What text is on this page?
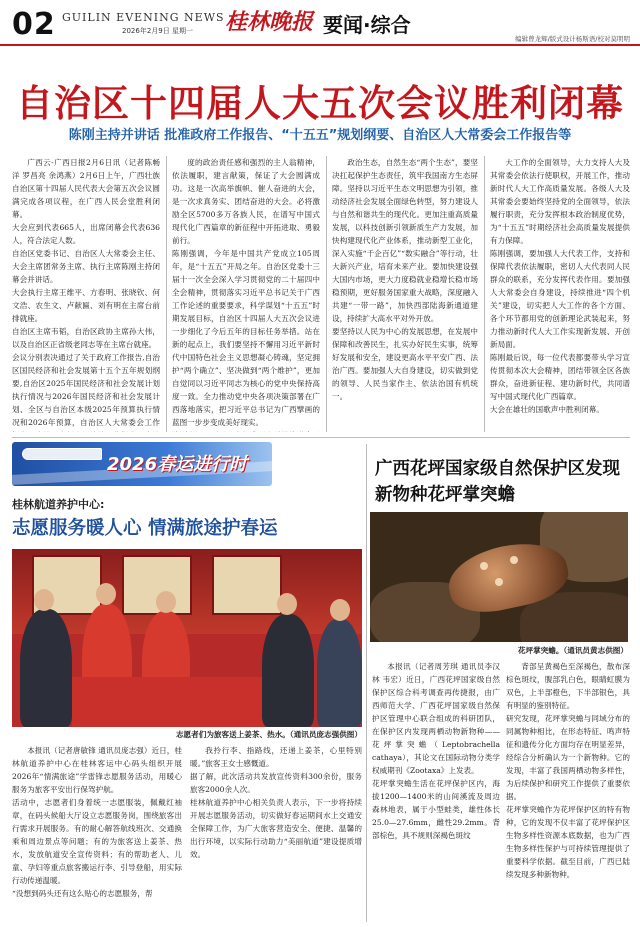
02 GUILIN EVENING NEWS
2026年2月9日 星期一 桂林晚报 要闻·综合
编辑曾龙辉/版式设计杨斯语/校对莫明明
自治区十四届人大五次会议胜利闭幕
陈刚主持并讲话 批准政府工作报告、“十五五”规划纲要、自治区人大常委会工作报告等

广西云-广西日报2月6日讯（记者陈畅洋 罗昌亮 余鸿燕）2月6日上午，广西壮族自治区第十四届人民代表大会第五次会议圆满完成各项议程，在广西人民会堂胜利闭幕。
大会应到代表665人，出席闭幕会代表636人，符合法定人数。
自治区党委书记、自治区人大常委会主任、大会主席团常务主席、执行主席陈刚主持闭幕会并讲话。
大会执行主席王维平、方春明、张晓钦、何文浩、农生文、卢献匾、刘有明在主席台前排就座。
自治区主席韦韬，自治区政协主席孙大伟，以及自治区正省级老同志等在主席台就座。
会议分别表决通过了关于政府工作报告,自治区国民经济和社会发展第十五个五年规划纲要,自治区2025年国民经济和社会发展计划执行情况与2026年国民经济和社会发展计划、全区与自治区本级2025年预算执行情况和2026年预算，自治区人大常委会工作

度的政治责任感和强烈的主人翁精神，依法履职，建言献策，保证了大会圆满成功。这是一次高举旗帜、催人奋进的大会，是一次求真务实、团结奋进的大会。必将激励全区5700多万各族人民，在谱写中国式现代化广西篇章的新征程中开拓进取、勇毅前行。
陈刚强调，今年是中国共产党成立105周年，是“十五五”开局之年。自治区党委十三届十一次全会深入学习贯彻党的二十届四中全会精神，贯彻落实习近平总书记关于广西工作论述的重要要求，科学谋划“十五五”时期发展目标，自治区十四届人大五次会议进一步细化了今后五年的目标任务举措。站在新的起点上，我们要坚持不懈用习近平新时代中国特色社会主义思想凝心铸魂，坚定拥护“两个确立”、坚决做到“两个维护”，更加自觉同以习近平同志为核心的党中央保持高度一致。全力推动党中央各项决策部署在广西落地落实，把习近平总书记为广西擘画的蓝图一步步变成美好现实。

政治生态，自然生态“两个生态”，要坚决扛起保护生态责任，筑牢我国南方生态屏障。坚持以习近平生态文明思想为引领，推动经济社会发展全面绿色转型，努力建设人与自然和谐共生的现代化。更加注重高质量发展，以科技创新引领新质生产力发展，加快构建现代化产业体系，推动新型工业化，深入实施“千企百亿”“数实融合”等行动，壮大新兴产业，培育未来产业。要加快建设强大国内市场，更大力度稳就业稳增长稳市场稳预期，更好服务国家重大战略，深度融入共建“一带一路”，加快西部陆海新通道建设，持续扩大高水平对外开放。
要坚持以人民为中心的发展思想，在发展中保障和改善民生，扎实办好民生实事，统筹好发展和安全，建设更高水平平安广西、法治广西。要加强人大自身建设，切实做到党的领导、人民当家作主、依法治国有机统一。

大工作的全面领导，大力支持人大及其常委会依法行使职权，开展工作，推动新时代人大工作高质量发展。各级人大及其常委会要始终坚持党的全面领导，依法履行职责，充分发挥根本政治制度优势，为“十五五”时期经济社会高质量发展提供有力保障。
陈刚强调，要加强人大代表工作，支持和保障代表依法履职，密切人大代表同人民群众的联系，充分发挥代表作用。要加强人大常委会自身建设，持续推进“四个机关”建设，切实把人大工作的各个方面、各个环节都用党的创新理论武装起来，努力推动新时代人大工作实现新发展、开创新局面。
陈刚最后说，每一位代表都要带头学习宣传贯彻本次大会精神，团结带领全区各族群众，奋进新征程、建功新时代，共同谱写中国式现代化广西篇章。
大会在雄壮的国歌声中胜利闭幕。

2026春运进行时
桂林航道养护中心:
志愿服务暖人心 情满旅途护春运
志愿者们为旅客送上姜茶、热水。（通讯员庞志强供图）

本报讯（记者唐敏锋 通讯员庞志强）近日，桂林航道养护中心在桂林客运中心码头组织开展2026年“情满旅途”学雷锋志愿服务活动，用暖心服务为旅客平安出行保驾护航。
活动中，志愿者们身着统一志愿服装，佩戴红袖章，在码头候船大厅设立志愿服务岗，围绕旅客出行需求开展服务。有的耐心解答航线班次、交通换乘和周边景点等问题；有的为旅客送上姜茶、热水，发放航道安全宣传资料；有的帮助老人、儿童、孕妇等重点旅客搬运行李、引导登船，用实际行动传递温暖。
“没想到码头还有这么贴心的志愿服务，帮

我拎行李、指路线，还递上姜茶，心里特别暖。”旅客王女士感慨道。
据了解，此次活动共发放宣传资料300余份，服务旅客2000余人次。
桂林航道养护中心相关负责人表示，下一步将持续开展志愿服务活动，切实做好春运期间水上交通安全保障工作，为广大旅客营造安全、便捷、温馨的出行环境，以实际行动助力“美丽航道”建设提质增效。

广西花坪国家级自然保护区发现新物种花坪掌突蟾
花坪掌突蟾。（通讯员黄志供图）

本报讯（记者周芳琪 通讯员李汉林 韦宏）近日，广西花坪国家级自然保护区综合科考调查再传捷报，由广西师范大学、广西花坪国家级自然保护区管理中心联合组成的科研团队，在保护区内发现两栖动物新物种——花坪掌突蟾（Leptobrachella cathaya），其论文在国际动物分类学权威期刊《Zootaxa》上发表。
花坪掌突蟾生活在花坪保护区内，海拔1200—1400米的山间溪流及周边森林地表，属于小型蛙类，雄性体长25.0—27.6mm，雌性29.2mm。背部棕色，具不规则深褐色斑纹

背部呈黄褐色至深褐色，散布深棕色斑纹，腹部乳白色，眼睛虹膜为双色，上半部橙色，下半部银色，具有明显的鉴别特征。
研究发现，花坪掌突蟾与同域分布的同属物种相比，在形态特征、鸣声特征和遗传分化方面均存在明显差异，经综合分析确认为一个新物种。它的发现，丰富了我国两栖动物多样性，为后续保护和研究工作提供了重要依据。
花坪掌突蟾作为花坪保护区的特有物种，它的发现不仅丰富了花坪保护区生物多样性资源本底数据，也为广西生物多样性保护与可持续管理提供了重要科学依据。截至目前，广西已陆续发现多种新物种。
